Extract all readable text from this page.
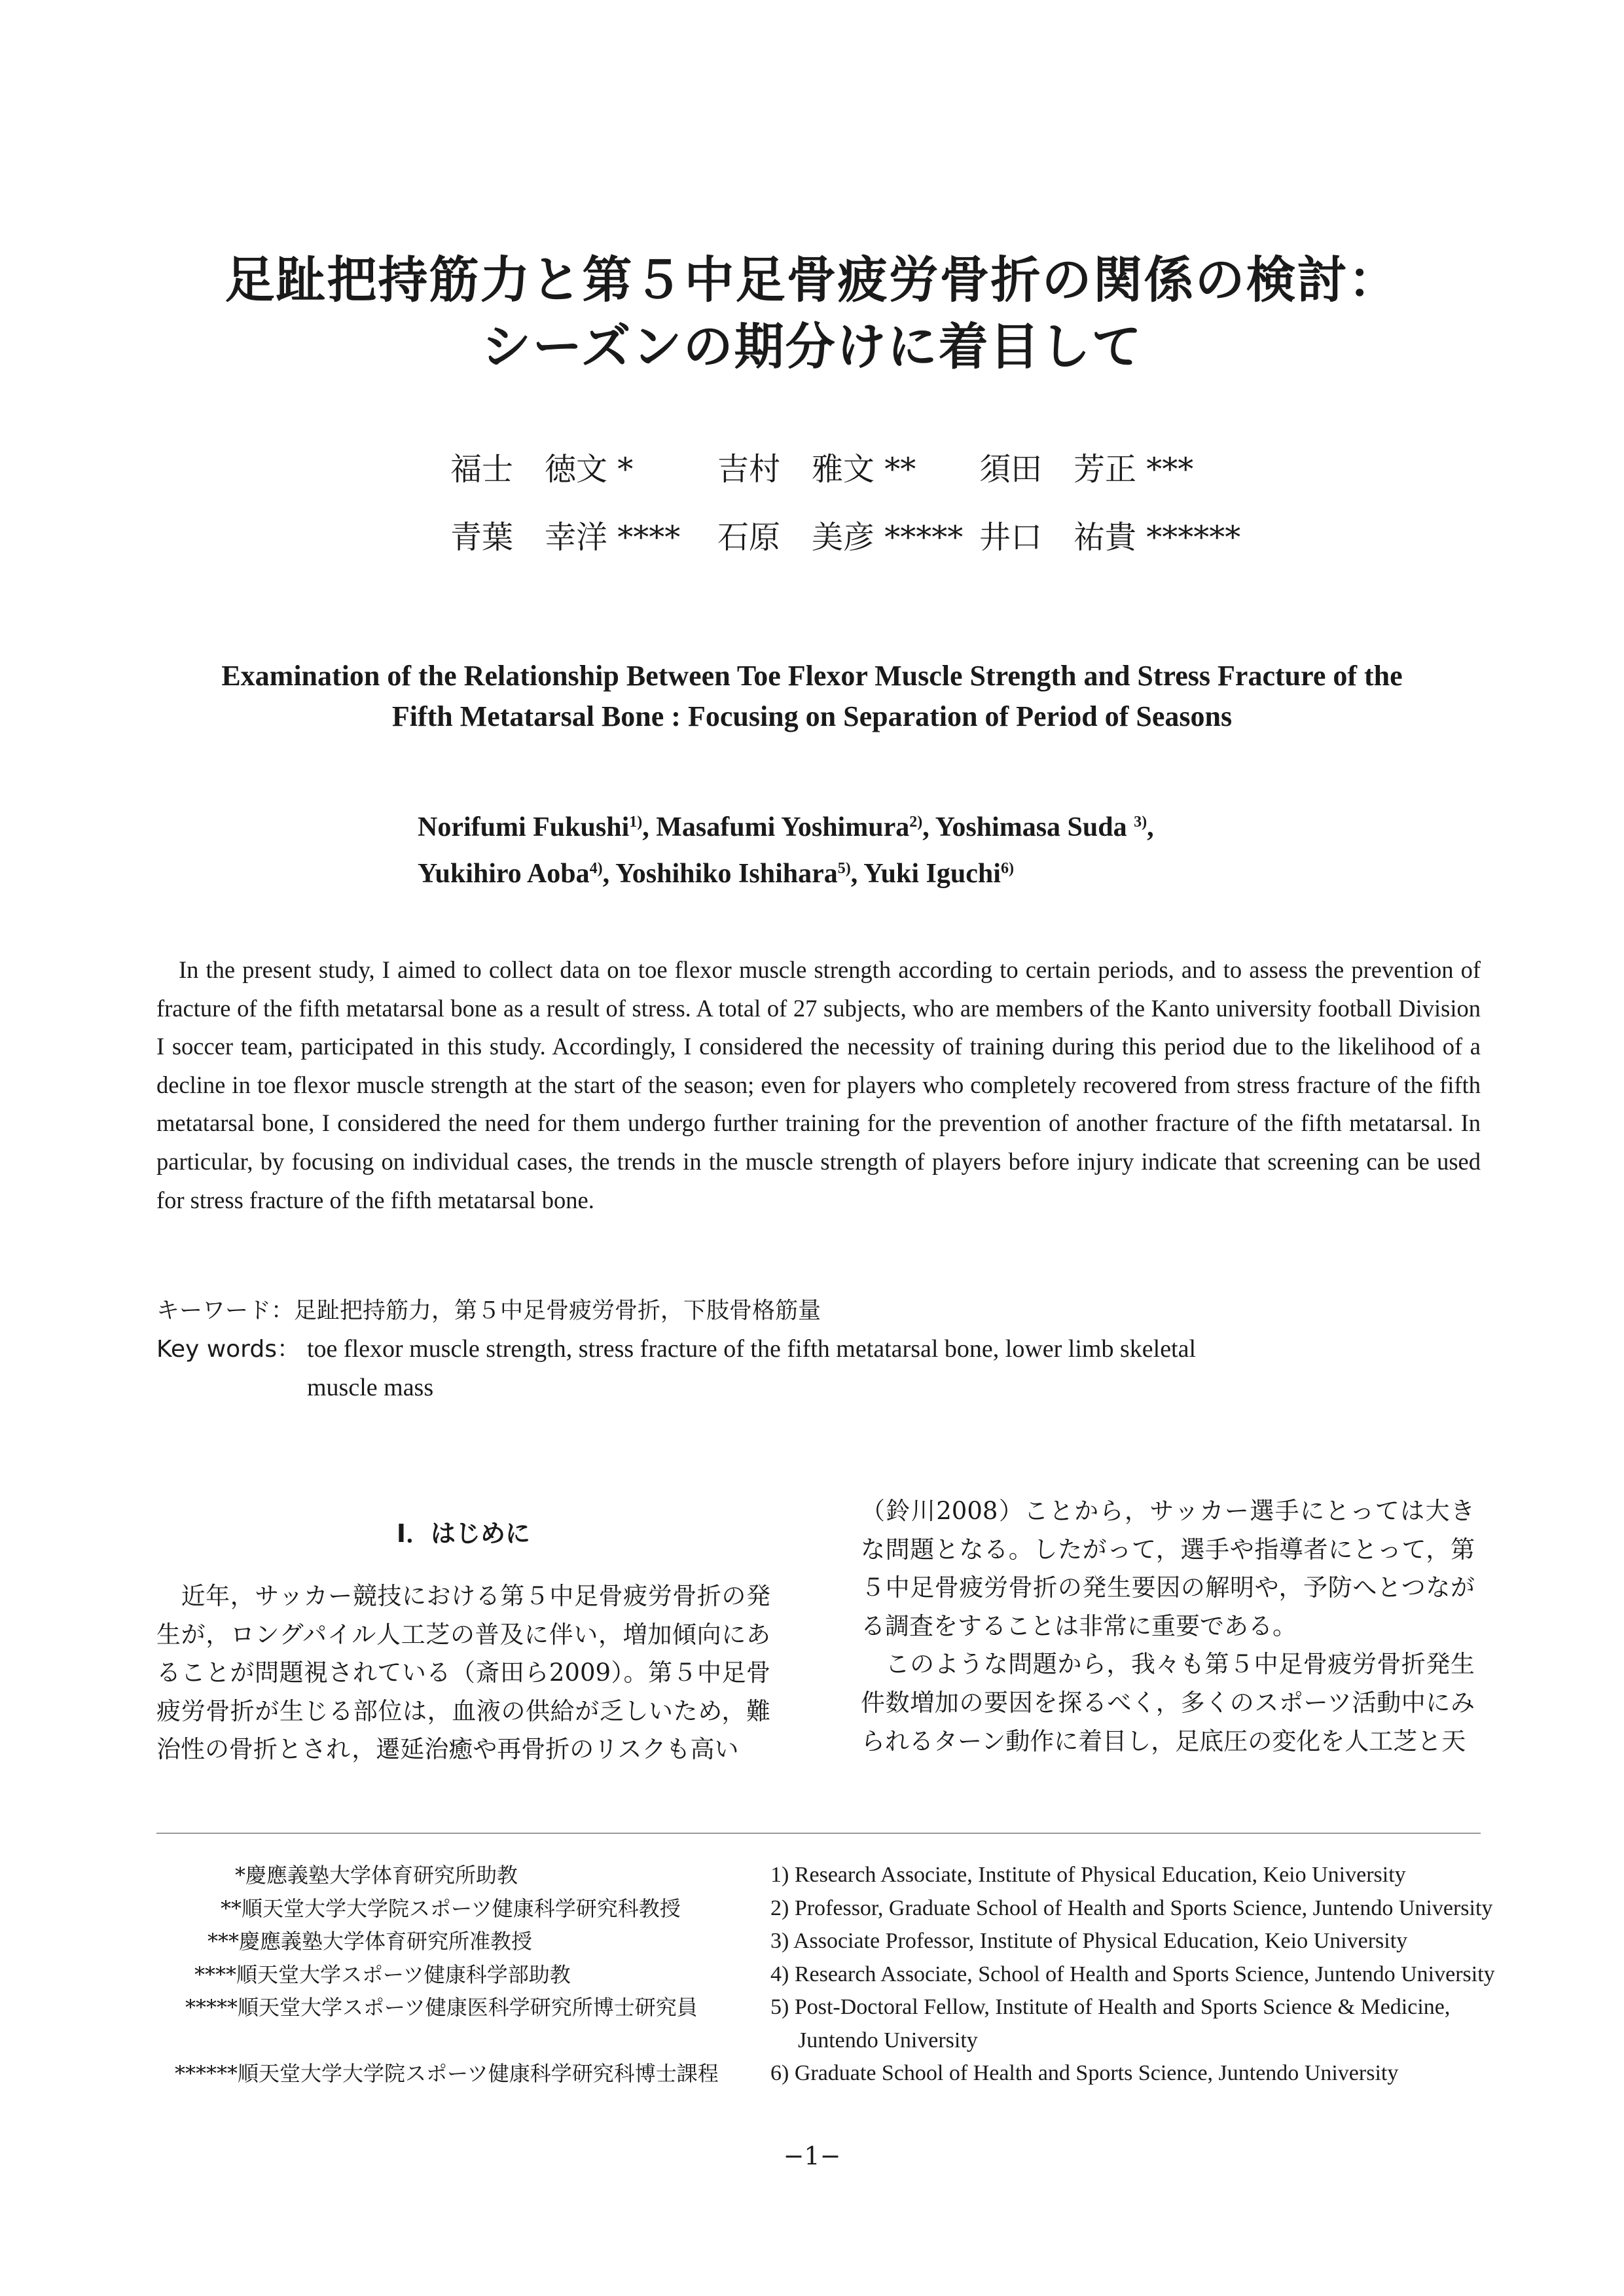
足趾把持筋力と第５中足骨疲労骨折の関係の検討：
シーズンの期分けに着目して
福士　徳文 *	吉村　雅文 ** 須田　芳正 ***
青葉　幸洋 **** 石原　美彦 ***** 井口　祐貴 ******
Examination of the Relationship Between Toe Flexor Muscle Strength and Stress Fracture of the
Fifth Metatarsal Bone : Focusing on Separation of Period of Seasons
Norifumi Fukushi$^{1)}$, Masafumi Yoshimura$^{2)}$, Yoshimasa Suda $^{3)}$,
Yukihiro Aoba$^{4)}$, Yoshihiko Ishihara$^{5)}$, Yuki Iguchi$^{6)}$

In the present study, I aimed to collect data on toe flexor muscle strength according to certain periods, and to assess the prevention of fracture of the fifth metatarsal bone as a result of stress. A total of 27 subjects, who are members of the Kanto university football Division I soccer team, participated in this study. Accordingly, I considered the necessity of training during this period due to the likelihood of a decline in toe flexor muscle strength at the start of the season; even for players who completely recovered from stress fracture of the fifth metatarsal bone, I considered the need for them undergo further training for the prevention of another fracture of the fifth metatarsal. In particular, by focusing on individual cases, the trends in the muscle strength of players before injury indicate that screening can be used for stress fracture of the fifth metatarsal bone.

キーワード：足趾把持筋力，第５中足骨疲労骨折，下肢骨格筋量
Key words： toe flexor muscle strength, stress fracture of the fifth metatarsal bone, lower limb skeletal
muscle mass
Ⅰ．はじめに
　近年，サッカー競技における第５中足骨疲労骨折の発生が，ロングパイル人工芝の普及に伴い，増加傾向にあることが問題視されている（斎田ら2009）。第５中足骨疲労骨折が生じる部位は，血液の供給が乏しいため，難治性の骨折とされ，遷延治癒や再骨折のリスクも高い
（鈴川2008）ことから，サッカー選手にとっては大きな問題となる。したがって，選手や指導者にとって，第５中足骨疲労骨折の発生要因の解明や，予防へとつながる調査をすることは非常に重要である。
　このような問題から，我々も第５中足骨疲労骨折発生件数増加の要因を探るべく，多くのスポーツ活動中にみられるターン動作に着目し，足底圧の変化を人工芝と天
*慶應義塾大学体育研究所助教
**順天堂大学大学院スポーツ健康科学研究科教授
***慶應義塾大学体育研究所准教授
****順天堂大学スポーツ健康科学部助教
*****順天堂大学スポーツ健康医科学研究所博士研究員
******順天堂大学大学院スポーツ健康科学研究科博士課程
1) Research Associate, Institute of Physical Education, Keio University
2) Professor, Graduate School of Health and Sports Science, Juntendo University
3) Associate Professor, Institute of Physical Education, Keio University
4) Research Associate, School of Health and Sports Science, Juntendo University
5) Post-Doctoral Fellow, Institute of Health and Sports Science & Medicine, Juntendo University
6) Graduate School of Health and Sports Science, Juntendo University
−1−
